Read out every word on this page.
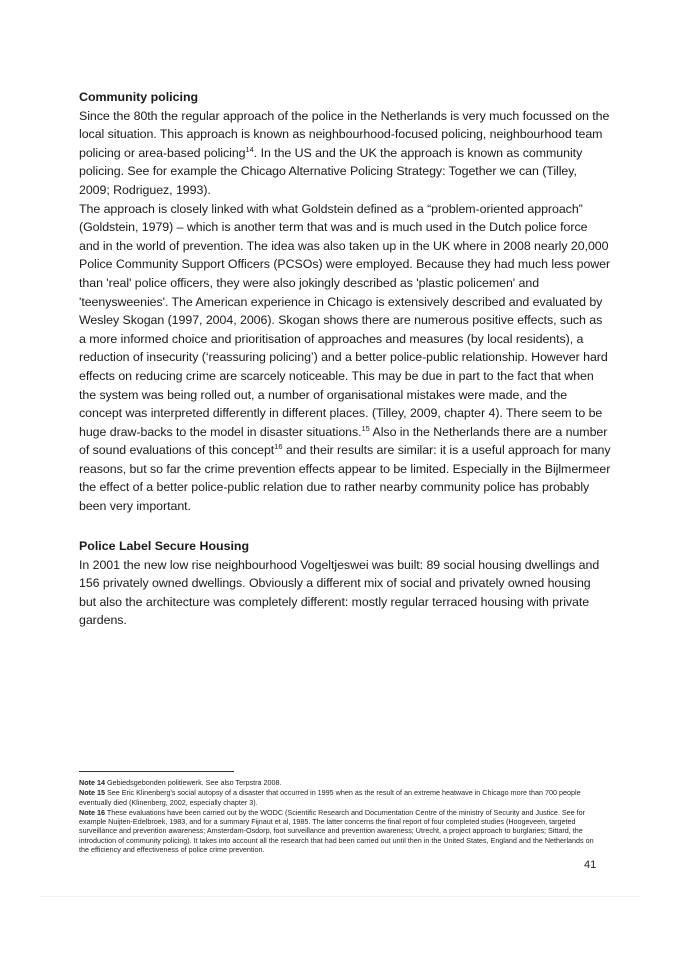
Community policing

Since the 80th the regular approach of the police in the Netherlands is very much focussed on the local situation. This approach is known as neighbourhood-focused policing, neighbourhood team policing or area-based policing$^{14}$. In the US and the UK the approach is known as community policing. See for example the Chicago Alternative Policing Strategy: Together we can (Tilley, 2009; Rodriguez, 1993).

The approach is closely linked with what Goldstein defined as a “problem-oriented approach” (Goldstein, 1979) – which is another term that was and is much used in the Dutch police force and in the world of prevention. The idea was also taken up in the UK where in 2008 nearly 20,000 Police Community Support Officers (PCSOs) were employed. Because they had much less power than 'real' police officers, they were also jokingly described as 'plastic policemen' and 'teenysweenies'. The American experience in Chicago is extensively described and evaluated by Wesley Skogan (1997, 2004, 2006). Skogan shows there are numerous positive effects, such as a more informed choice and prioritisation of approaches and measures (by local residents), a reduction of insecurity (‘reassuring policing’) and a better police-public relationship. However hard effects on reducing crime are scarcely noticeable. This may be due in part to the fact that when the system was being rolled out, a number of organisational mistakes were made, and the concept was interpreted differently in different places. (Tilley, 2009, chapter 4). There seem to be huge draw-backs to the model in disaster situations.$^{15}$ Also in the Netherlands there are a number of sound evaluations of this concept$^{16}$ and their results are similar: it is a useful approach for many reasons, but so far the crime prevention effects appear to be limited. Especially in the Bijlmermeer the effect of a better police-public relation due to rather nearby community police has probably been very important.

Police Label Secure Housing

In 2001 the new low rise neighbourhood Vogeltjeswei was built: 89 social housing dwellings and 156 privately owned dwellings. Obviously a different mix of social and privately owned housing but also the architecture was completely different: mostly regular terraced housing with private gardens.

Note 14 Gebiedsgebonden politiewerk. See also Terpstra 2008.

Note 15 See Eric Klinenberg's social autopsy of a disaster that occurred in 1995 when as the result of an extreme heatwave in Chicago more than 700 people eventually died (Klinenberg, 2002, especially chapter 3).

Note 16 These evaluations have been carried out by the WODC (Scientific Research and Documentation Centre of the ministry of Security and Justice. See for example Nuijten-Edelbroek, 1983, and for a summary Fijnaut et al, 1985. The latter concerns the final report of four completed studies (Hoogeveen, targeted surveillance and prevention awareness; Amsterdam-Osdorp, foot surveillance and prevention awareness; Utrecht, a project approach to burglaries; Sittard, the introduction of community policing). It takes into account all the research that had been carried out until then in the United States, England and the Netherlands on the efficiency and effectiveness of police crime prevention.

41
